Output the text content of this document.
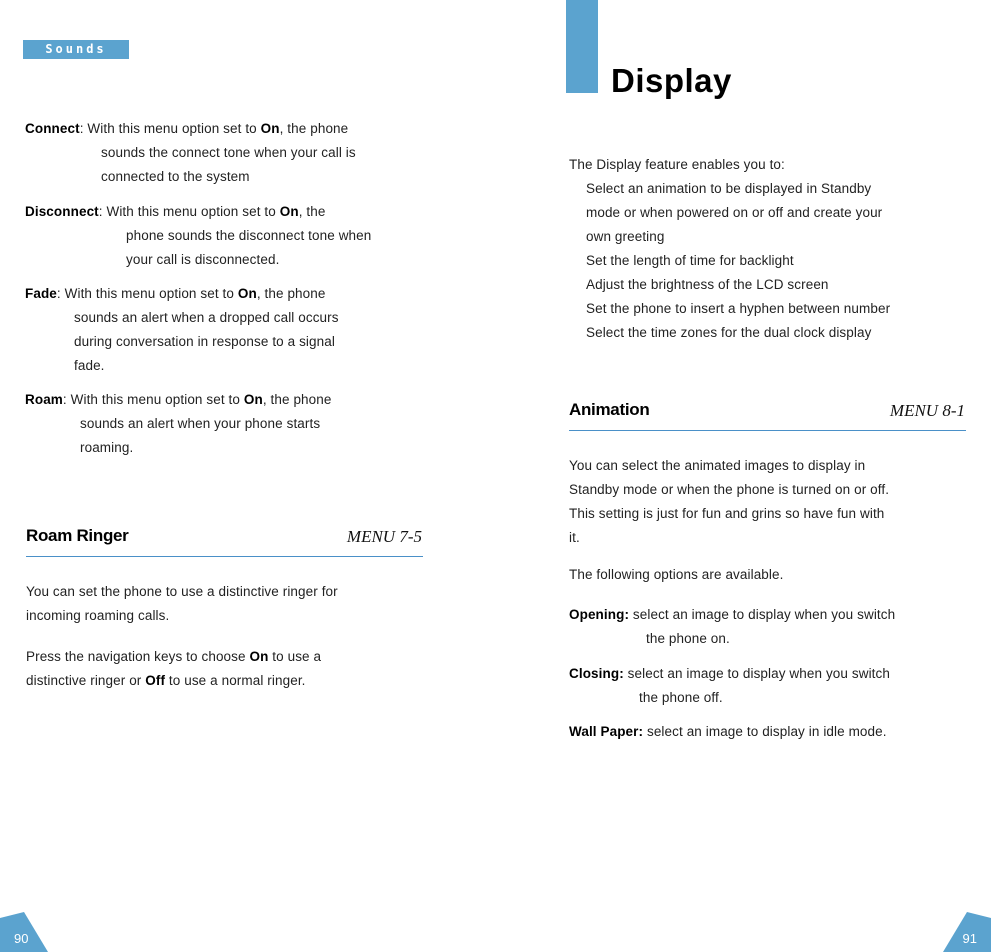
Sounds
Connect: With this menu option set to On, the phone
sounds the connect tone when your call is
connected to the system
Disconnect: With this menu option set to On, the
phone sounds the disconnect tone when
your call is disconnected.
Fade: With this menu option set to On, the phone
sounds an alert when a dropped call occurs
during conversation in response to a signal
fade.
Roam: With this menu option set to On, the phone
sounds an alert when your phone starts
roaming.
Roam Ringer	MENU 7-5
You can set the phone to use a distinctive ringer for
incoming roaming calls.
Press the navigation keys to choose On to use a
distinctive ringer or Off to use a normal ringer.
90
Display
The Display feature enables you to:
Select an animation to be displayed in Standby
mode or when powered on or off and create your
own greeting
Set the length of time for backlight
Adjust the brightness of the LCD screen
Set the phone to insert a hyphen between number
Select the time zones for the dual clock display
Animation	MENU 8-1
You can select the animated images to display in
Standby mode or when the phone is turned on or off.
This setting is just for fun and grins so have fun with
it.
The following options are available.
Opening: select an image to display when you switch
the phone on.
Closing: select an image to display when you switch
the phone off.
Wall Paper: select an image to display in idle mode.
91
